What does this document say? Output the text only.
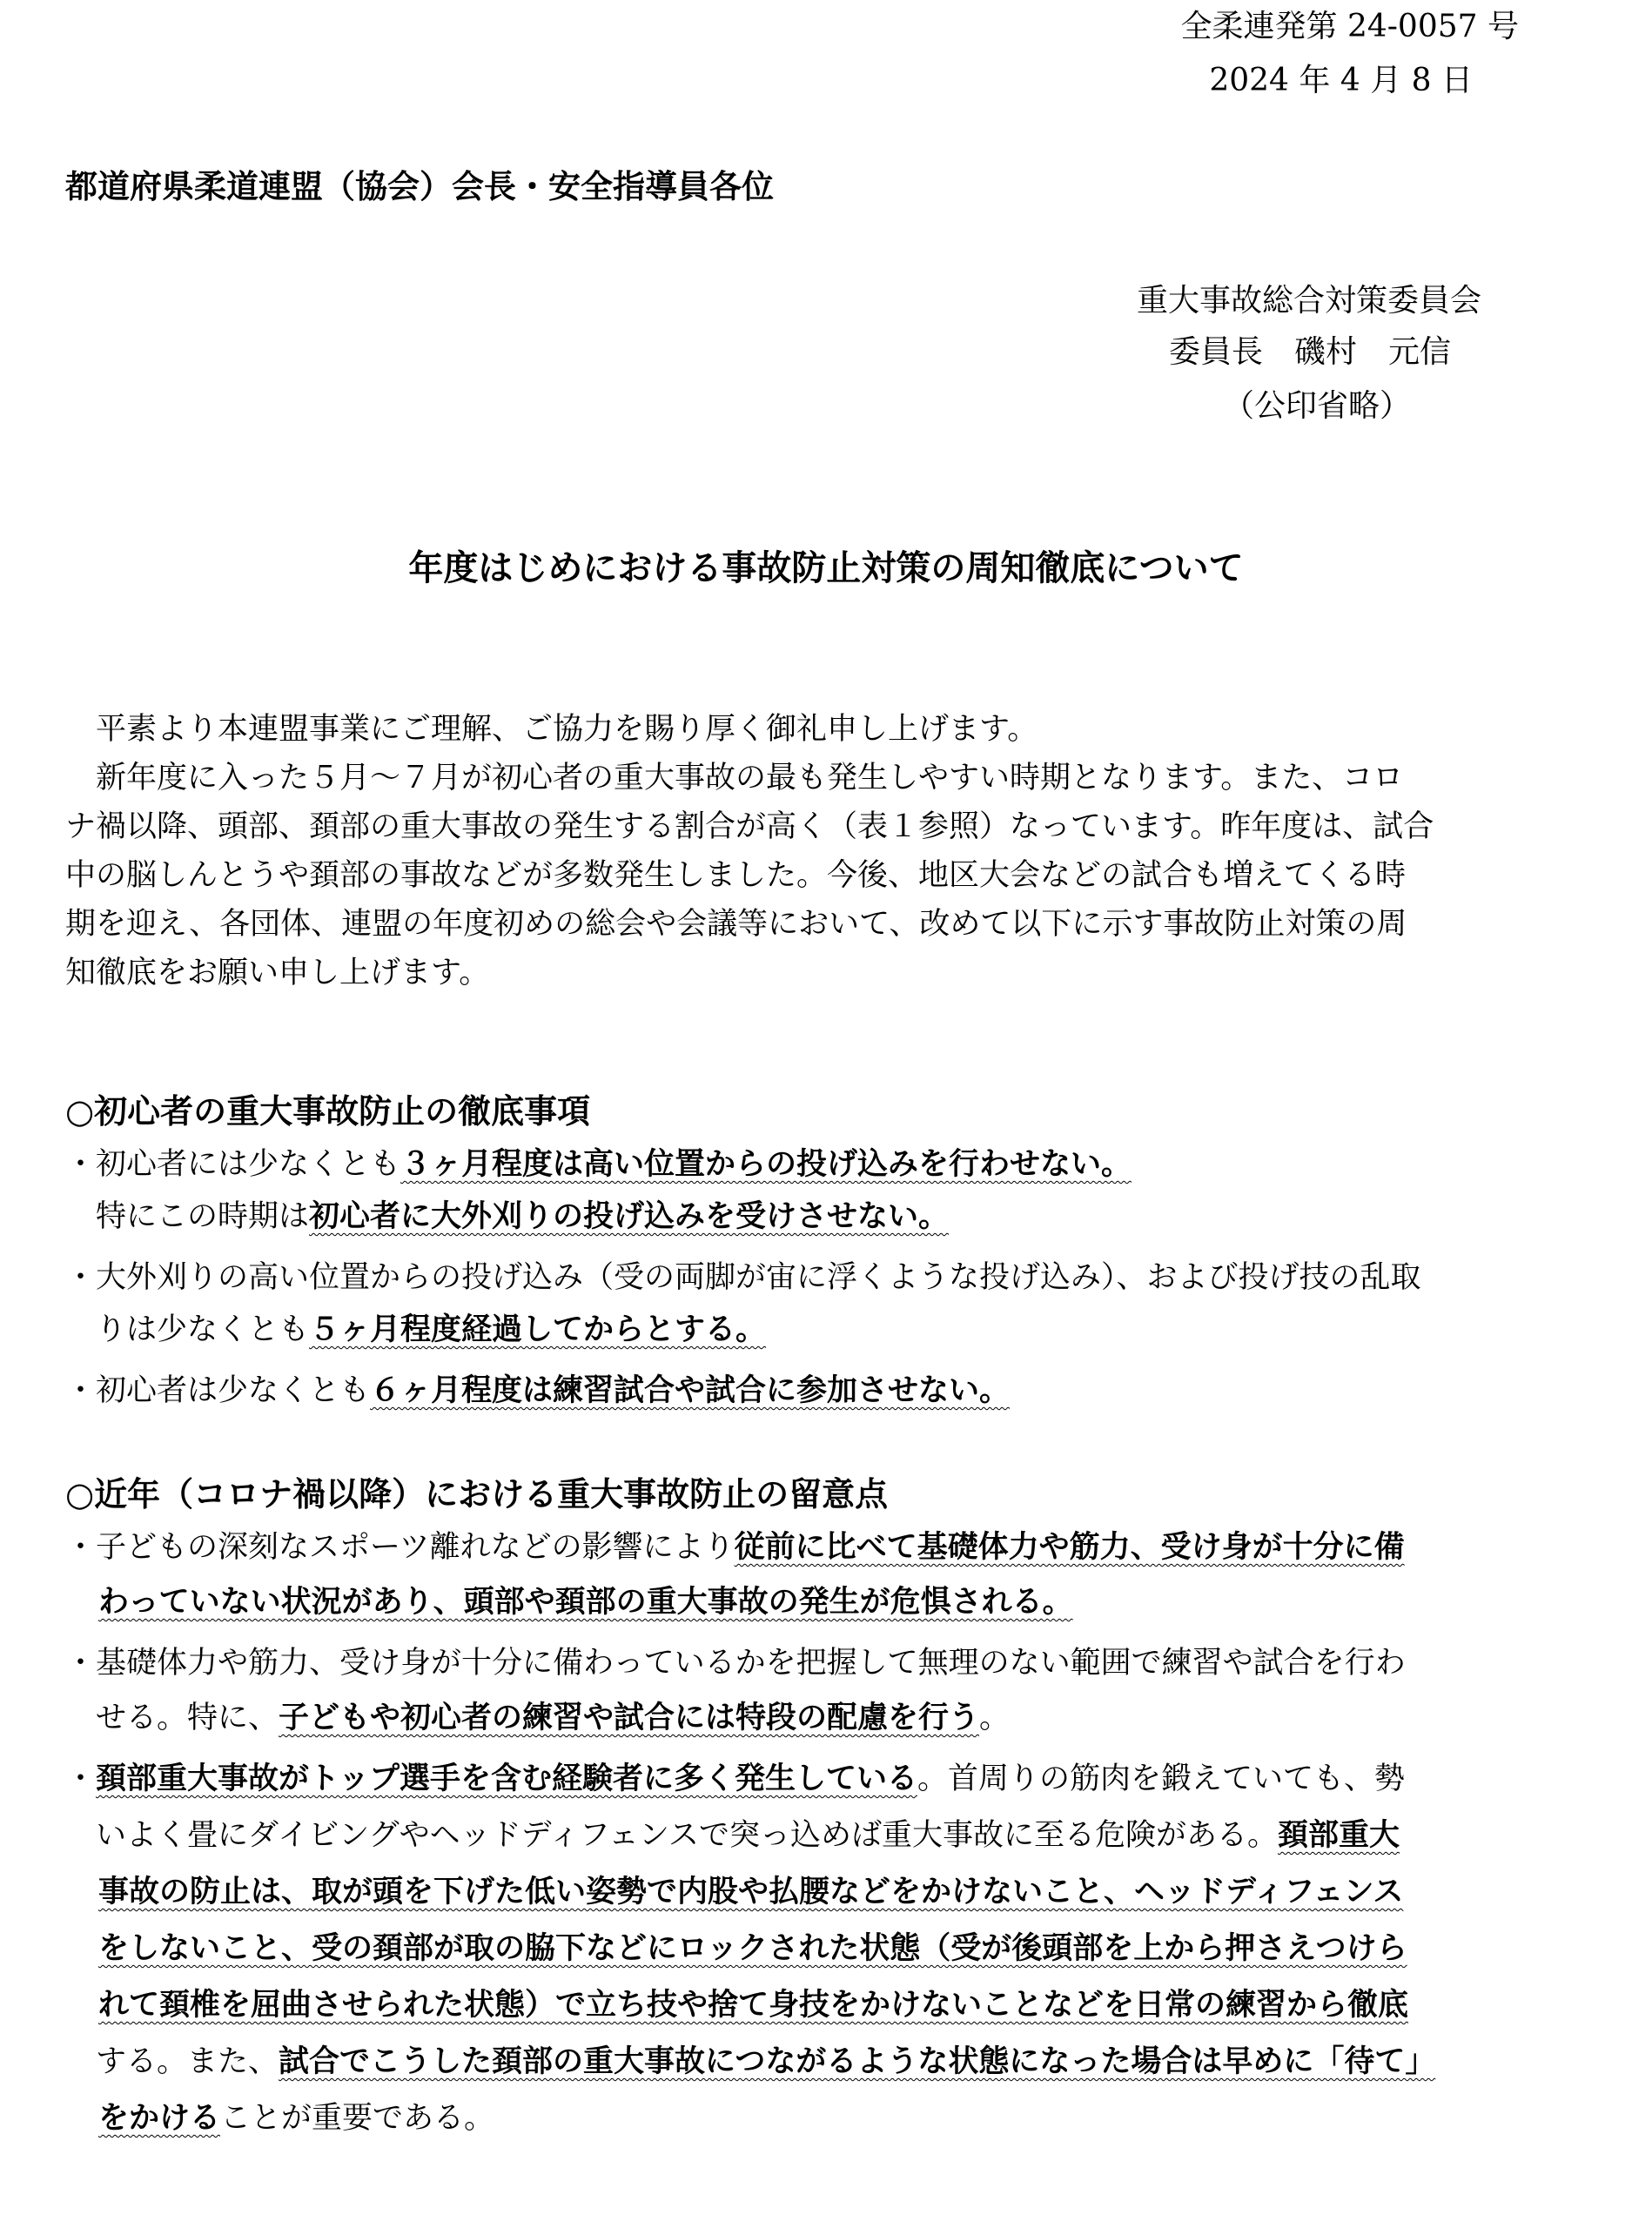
全柔連発第 24-0057 号
2024 年 4 月 8 日
都道府県柔道連盟（協会）会長・安全指導員各位
重大事故総合対策委員会
委員長　磯村　元信
（公印省略）
年度はじめにおける事故防止対策の周知徹底について
　平素より本連盟事業にご理解、ご協力を賜り厚く御礼申し上げます。
　新年度に入った５月～７月が初心者の重大事故の最も発生しやすい時期となります。また、コロ
ナ禍以降、頭部、頚部の重大事故の発生する割合が高く（表１参照）なっています。昨年度は、試合
中の脳しんとうや頚部の事故などが多数発生しました。今後、地区大会などの試合も増えてくる時
期を迎え、各団体、連盟の年度初めの総会や会議等において、改めて以下に示す事故防止対策の周
知徹底をお願い申し上げます。
○初心者の重大事故防止の徹底事項
・初心者には少なくとも３ヶ月程度は高い位置からの投げ込みを行わせない。
　特にこの時期は初心者に大外刈りの投げ込みを受けさせない。
・大外刈りの高い位置からの投げ込み（受の両脚が宙に浮くような投げ込み）、および投げ技の乱取
　りは少なくとも５ヶ月程度経過してからとする。
・初心者は少なくとも６ヶ月程度は練習試合や試合に参加させない。
○近年（コロナ禍以降）における重大事故防止の留意点
・子どもの深刻なスポーツ離れなどの影響により従前に比べて基礎体力や筋力、受け身が十分に備
わっていない状況があり、頭部や頚部の重大事故の発生が危惧される。
・基礎体力や筋力、受け身が十分に備わっているかを把握して無理のない範囲で練習や試合を行わ
　せる。特に、子どもや初心者の練習や試合には特段の配慮を行う。
・頚部重大事故がトップ選手を含む経験者に多く発生している。首周りの筋肉を鍛えていても、勢
　いよく畳にダイビングやヘッドディフェンスで突っ込めば重大事故に至る危険がある。頚部重大
事故の防止は、取が頭を下げた低い姿勢で内股や払腰などをかけないこと、ヘッドディフェンス
をしないこと、受の頚部が取の脇下などにロックされた状態（受が後頭部を上から押さえつけら
れて頚椎を屈曲させられた状態）で立ち技や捨て身技をかけないことなどを日常の練習から徹底
　する。また、試合でこうした頚部の重大事故につながるような状態になった場合は早めに「待て」
をかけることが重要である。
